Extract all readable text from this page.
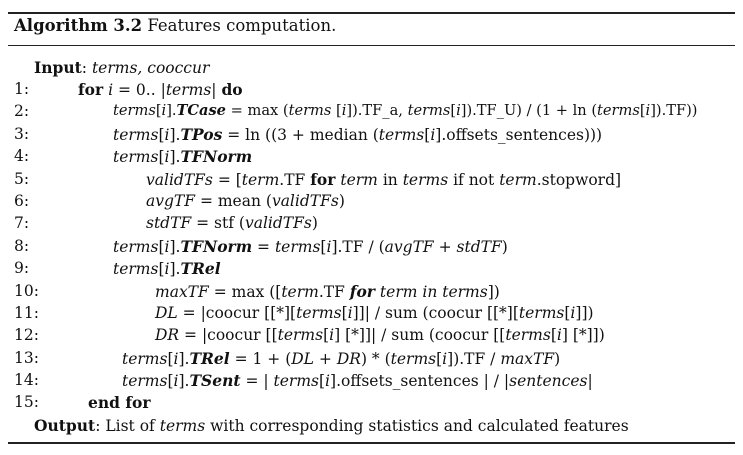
Algorithm 3.2 Features computation.
Input: terms, cooccur
1:
2:
3:
4:
5:
6:
7:
8:
9:
10:
11:
12:
13:
14:
15:
for i = 0.. |terms| do
terms[i].TCase = max (terms [i]).TF_a, terms[i]).TF_U) / (1 + ln (terms[i]).TF))
terms[i].TPos = ln ((3 + median (terms[i].offsets_sentences)))
terms[i].TFNorm
validTFs = [term.TF for term in terms if not term.stopword]
avgTF = mean (validTFs)
stdTF = stf (validTFs)
terms[i].TFNorm = terms[i].TF / (avgTF + stdTF)
terms[i].TRel
maxTF = max ([term.TF for term in terms])
DL = |coocur [[*][terms[i]]| / sum (coocur [[*][terms[i]])
DR = |coocur [[terms[i] [*]]| / sum (coocur [[terms[i] [*]])
terms[i].TRel = 1 + (DL + DR) * (terms[i]).TF / maxTF)
terms[i].TSent = | terms[i].offsets_sentences | / |sentences|
end for
Output: List of terms with corresponding statistics and calculated features
